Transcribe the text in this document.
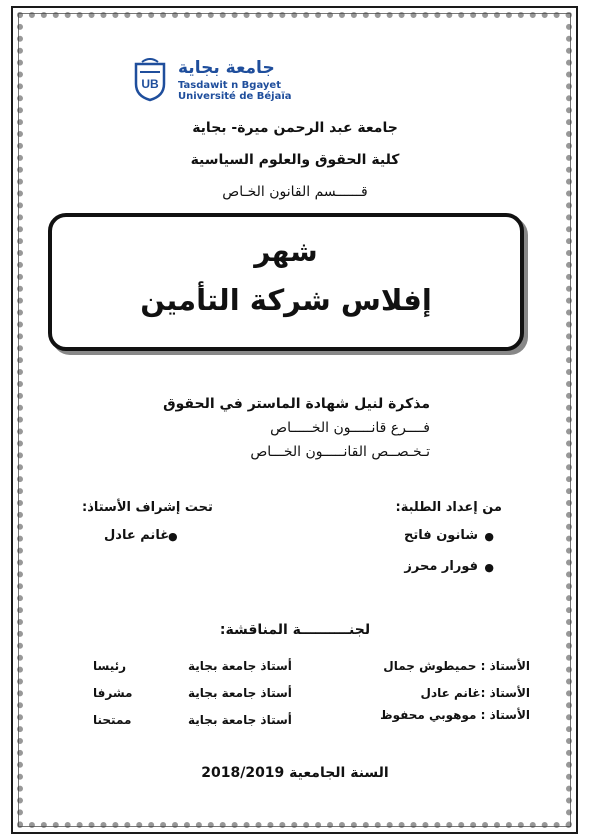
UB
جامعة بجاية
Tasdawit n Bgayet
Université de Béjaïa
جامعة عبد الرحمن ميرة- بجاية
كلية الحقوق والعلوم السياسية
قــــــسم القانون الخـاص
شهر
إفلاس شركة التأمين
مذكرة لنيل شهادة الماستر في الحقوق
فــــرع قانـــــون الخـــــاص
تـخـصــص القانـــــون الخـــاص
من إعداد الطلبة:
●
شانون فاتح
●
فورار محرز
تحت إشراف الأستاذ:
●
غانم عادل
لجنــــــــــة المناقشة:
الأستاذ : حميطوش جمال
أستاذ جامعة بجاية
رئيسا
الأستاذ :غانم عادل
أستاذ جامعة بجاية
مشرفا
الأستاذ : موهوبي محفوظ
أستاذ جامعة بجاية
ممتحنا
السنة الجامعية 2018/2019
